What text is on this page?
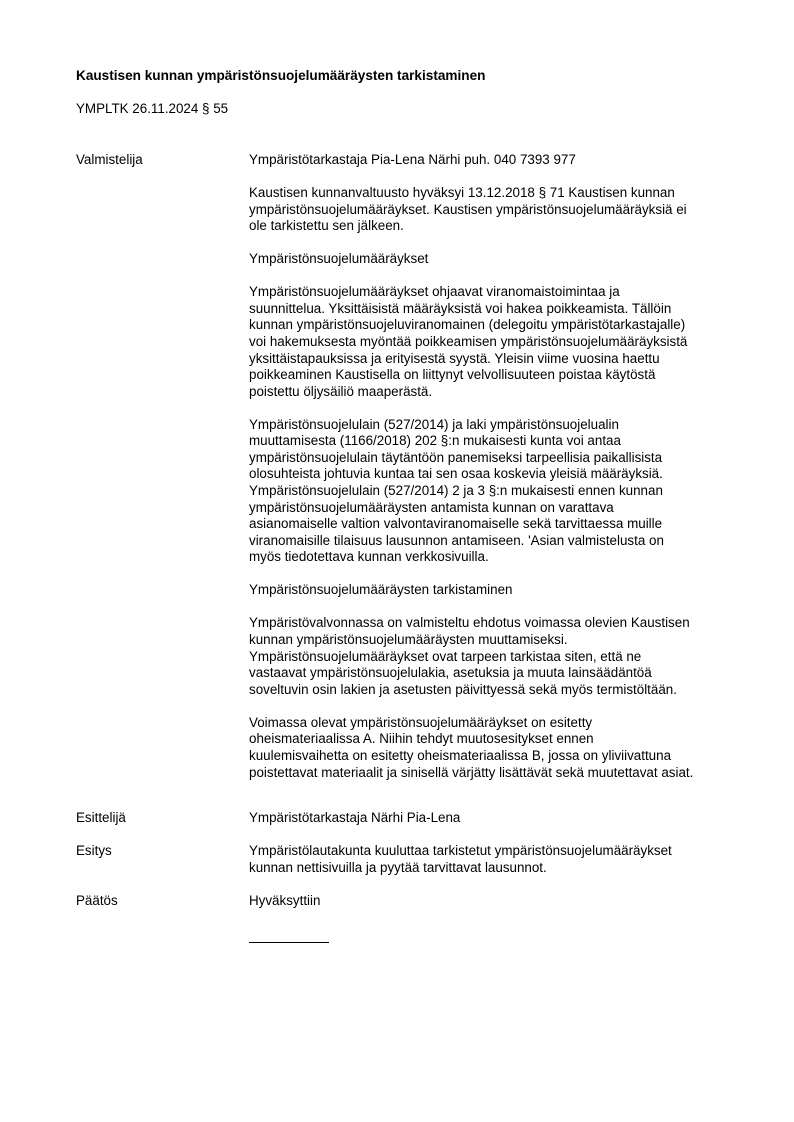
Kaustisen kunnan ympäristönsuojelumääräysten tarkistaminen
YMPLTK 26.11.2024 § 55
Valmistelija	Ympäristötarkastaja Pia-Lena Närhi puh. 040 7393 977

Kaustisen kunnanvaltuusto hyväksyi 13.12.2018 § 71 Kaustisen kunnan
ympäristönsuojelumääräykset. Kaustisen ympäristönsuojelumääräyksiä ei
ole tarkistettu sen jälkeen.

Ympäristönsuojelumääräykset

Ympäristönsuojelumääräykset ohjaavat viranomaistoimintaa ja
suunnittelua. Yksittäisistä määräyksistä voi hakea poikkeamista. Tällöin
kunnan ympäristönsuojeluviranomainen (delegoitu ympäristötarkastajalle)
voi hakemuksesta myöntää poikkeamisen ympäristönsuojelumääräyksistä
yksittäistapauksissa ja erityisestä syystä. Yleisin viime vuosina haettu
poikkeaminen Kaustisella on liittynyt velvollisuuteen poistaa käytöstä
poistettu öljysäiliö maaperästä.

Ympäristönsuojelulain (527/2014) ja laki ympäristönsuojelualin
muuttamisesta (1166/2018) 202 §:n mukaisesti kunta voi antaa
ympäristönsuojelulain täytäntöön panemiseksi tarpeellisia paikallisista
olosuhteista johtuvia kuntaa tai sen osaa koskevia yleisiä määräyksiä.
Ympäristönsuojelulain (527/2014) 2 ja 3 §:n mukaisesti ennen kunnan
ympäristönsuojelumääräysten antamista kunnan on varattava
asianomaiselle valtion valvontaviranomaiselle sekä tarvittaessa muille
viranomaisille tilaisuus lausunnon antamiseen. 'Asian valmistelusta on
myös tiedotettava kunnan verkkosivuilla.

Ympäristönsuojelumääräysten tarkistaminen

Ympäristövalvonnassa on valmisteltu ehdotus voimassa olevien Kaustisen
kunnan ympäristönsuojelumääräysten muuttamiseksi.
Ympäristönsuojelumääräykset ovat tarpeen tarkistaa siten, että ne
vastaavat ympäristönsuojelulakia, asetuksia ja muuta lainsäädäntöä
soveltuvin osin lakien ja asetusten päivittyessä sekä myös termistöltään.

Voimassa olevat ympäristönsuojelumääräykset on esitetty
oheismateriaalissa A. Niihin tehdyt muutosesitykset ennen
kuulemisvaihetta on esitetty oheismateriaalissa B, jossa on yliviivattuna
poistettavat materiaalit ja sinisellä värjätty lisättävät sekä muutettavat asiat.

Esittelijä	Ympäristötarkastaja Närhi Pia-Lena

Esitys	Ympäristölautakunta kuuluttaa tarkistetut ympäristönsuojelumääräykset
kunnan nettisivuilla ja pyytää tarvittavat lausunnot.

Päätös	Hyväksyttiin
